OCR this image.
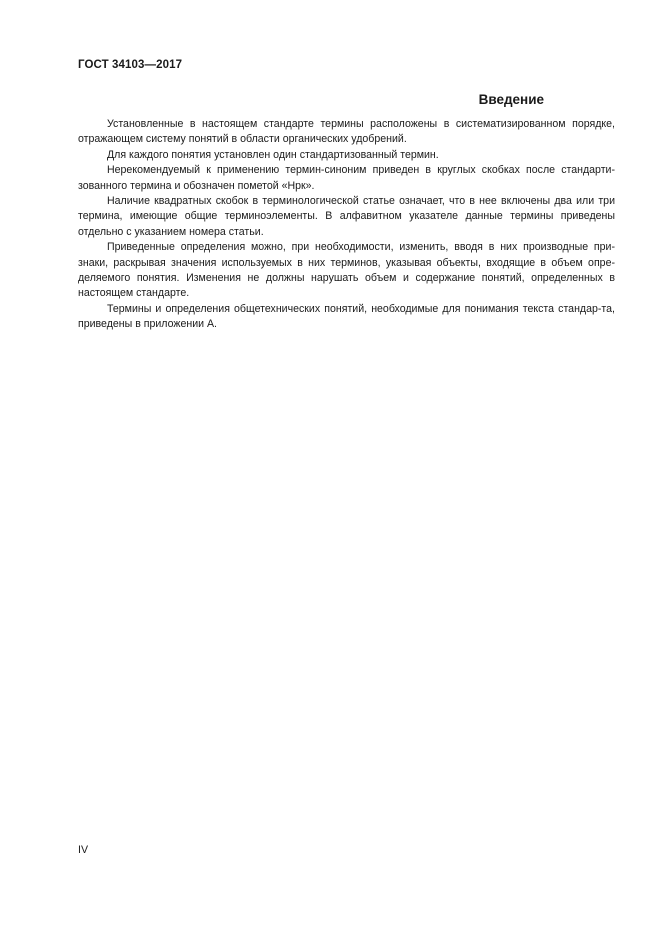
ГОСТ 34103—2017
Введение

Установленные в настоящем стандарте термины расположены в систематизированном порядке, отражающем систему понятий в области органических удобрений.

Для каждого понятия установлен один стандартизованный термин.

Нерекомендуемый к применению термин-синоним приведен в круглых скобках после стандарти-зованного термина и обозначен пометой «Нрк».

Наличие квадратных скобок в терминологической статье означает, что в нее включены два или три термина, имеющие общие терминоэлементы. В алфавитном указателе данные термины приведены отдельно с указанием номера статьи.

Приведенные определения можно, при необходимости, изменить, вводя в них производные при-знаки, раскрывая значения используемых в них терминов, указывая объекты, входящие в объем опре-деляемого понятия. Изменения не должны нарушать объем и содержание понятий, определенных в настоящем стандарте.

Термины и определения общетехнических понятий, необходимые для понимания текста стандар-та, приведены в приложении А.

IV
